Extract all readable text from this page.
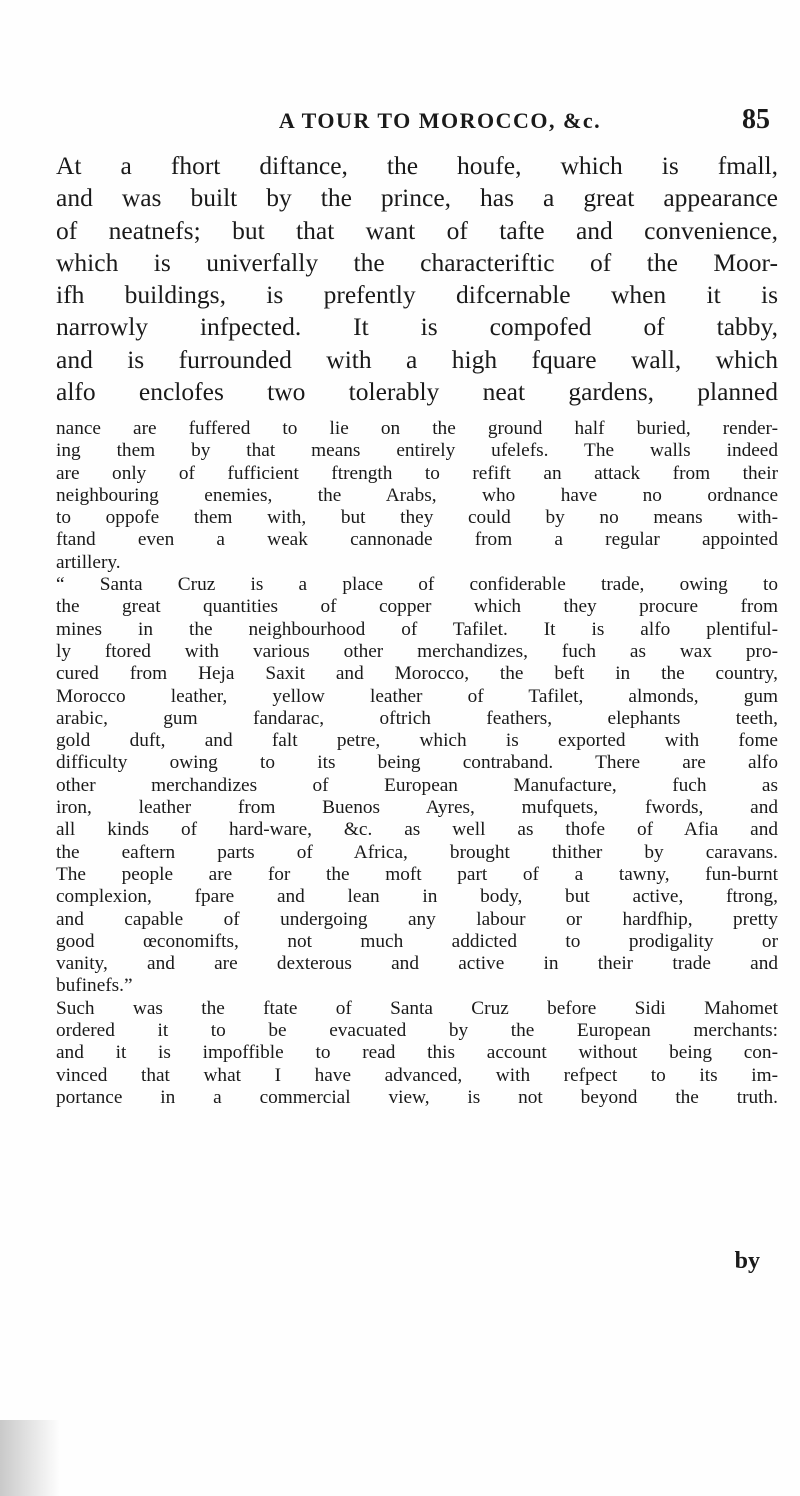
A TOUR TO MOROCCO, &c.	85

At a fhort diftance, the houfe, which is fmall,
and was built by the prince, has a great appearance
of neatnefs; but that want of tafte and convenience,
which is univerfally the characteriftic of the Moor-
ifh buildings, is prefently difcernable when it is
narrowly infpected. It is compofed of tabby,
and is furrounded with a high fquare wall, which
alfo enclofes two tolerably neat gardens, planned

nance are fuffered to lie on the ground half buried, render-
ing them by that means entirely ufelefs. The walls indeed
are only of fufficient ftrength to refift an attack from their
neighbouring enemies, the Arabs, who have no ordnance
to oppofe them with, but they could by no means with-
ftand even a weak cannonade from a regular appointed
artillery.
“ Santa Cruz is a place of confiderable trade, owing to
the great quantities of copper which they procure from
mines in the neighbourhood of Tafilet. It is alfo plentiful-
ly ftored with various other merchandizes, fuch as wax pro-
cured from Heja Saxit and Morocco, the beft in the country,
Morocco leather, yellow leather of Tafilet, almonds, gum
arabic, gum fandarac, oftrich feathers, elephants teeth,
gold duft, and falt petre, which is exported with fome
difficulty owing to its being contraband. There are alfo
other merchandizes of European Manufacture, fuch as
iron, leather from Buenos Ayres, mufquets, fwords, and
all kinds of hard-ware, &c. as well as thofe of Afia and
the eaftern parts of Africa, brought thither by caravans.
The people are for the moft part of a tawny, fun-burnt
complexion, fpare and lean in body, but active, ftrong,
and capable of undergoing any labour or hardfhip, pretty
good œconomifts, not much addicted to prodigality or
vanity, and are dexterous and active in their trade and
bufinefs.”
Such was the ftate of Santa Cruz before Sidi Mahomet
ordered it to be evacuated by the European merchants:
and it is impoffible to read this account without being con-
vinced that what I have advanced, with refpect to its im-
portance in a commercial view, is not beyond the truth.

by
